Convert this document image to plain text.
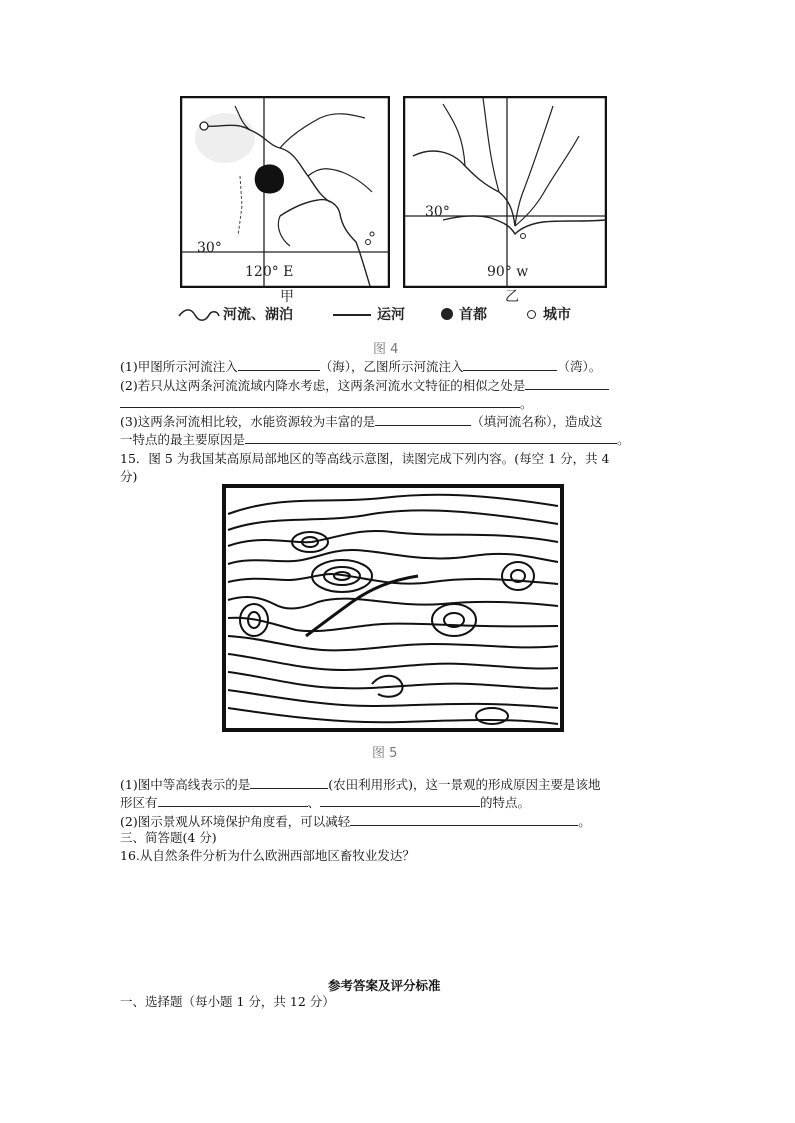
30°
120° E
甲
30°
90° w
乙
河流、湖泊	运河	首都	城市
图 4
(1)甲图所示河流注入	（海），乙图所示河流注入	（湾）。
(2)若只从这两条河流流域内降水考虑，这两条河流水文特征的相似之处是
。
(3)这两条河流相比较，水能资源较为丰富的是	（填河流名称），造成这
一特点的最主要原因是	。
15．图 5 为我国某高原局部地区的等高线示意图，读图完成下列内容。(每空 1 分，共 4
分)
图 5
(1)图中等高线表示的是	(农田利用形式)，这一景观的形成原因主要是该地
形区有	、	的特点。
(2)图示景观从环境保护角度看，可以减轻	。
三、简答题(4 分)
16.从自然条件分析为什么欧洲西部地区畜牧业发达？
参考答案及评分标准
一、选择题（每小题 1 分，共 12 分）
